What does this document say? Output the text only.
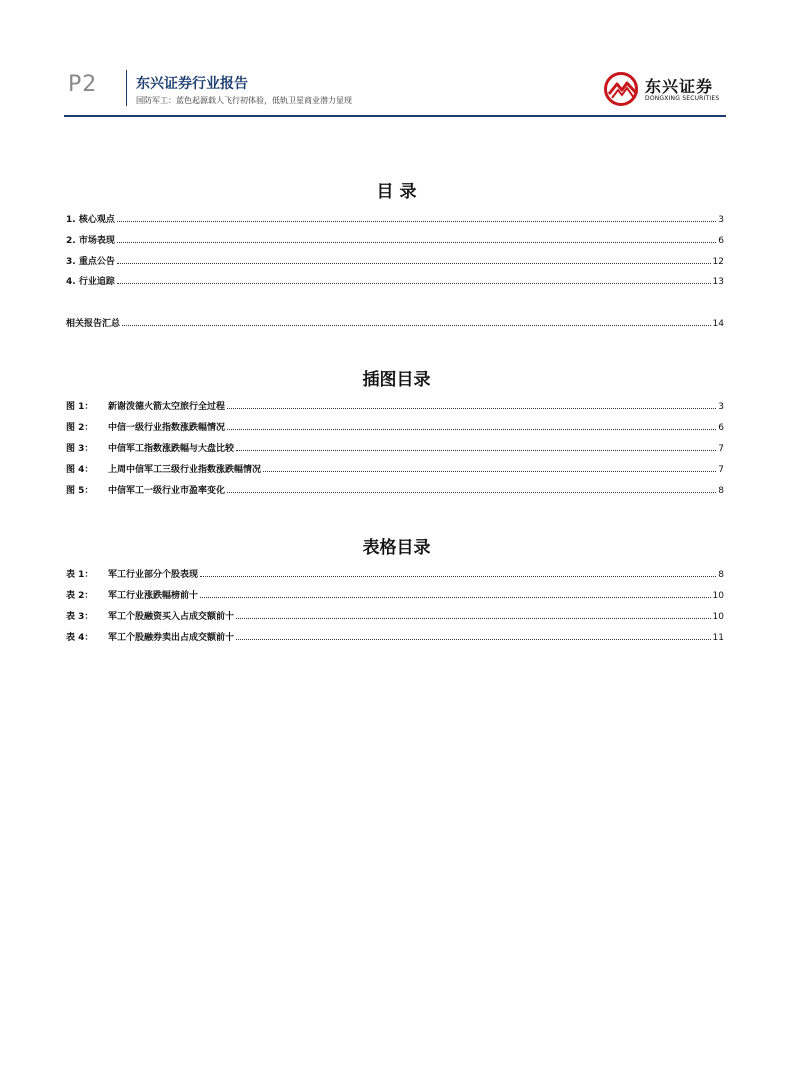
P2	东兴证券行业报告
国防军工：蓝色起源载人飞行初体验，低轨卫星商业潜力显现
东兴证券
DONGXING SECURITIES
目 录
1. 核心观点	3
2. 市场表现	6
3. 重点公告	12
4. 行业追踪	13
相关报告汇总	14
插图目录
图 1：	新谢泼德火箭太空旅行全过程	3
图 2：	中信一级行业指数涨跌幅情况	6
图 3：	中信军工指数涨跌幅与大盘比较	7
图 4：	上周中信军工三级行业指数涨跌幅情况	7
图 5：	中信军工一级行业市盈率变化	8
表格目录
表 1：	军工行业部分个股表现	8
表 2：	军工行业涨跌幅榜前十	10
表 3：	军工个股融资买入占成交额前十	10
表 4：	军工个股融券卖出占成交额前十	11
